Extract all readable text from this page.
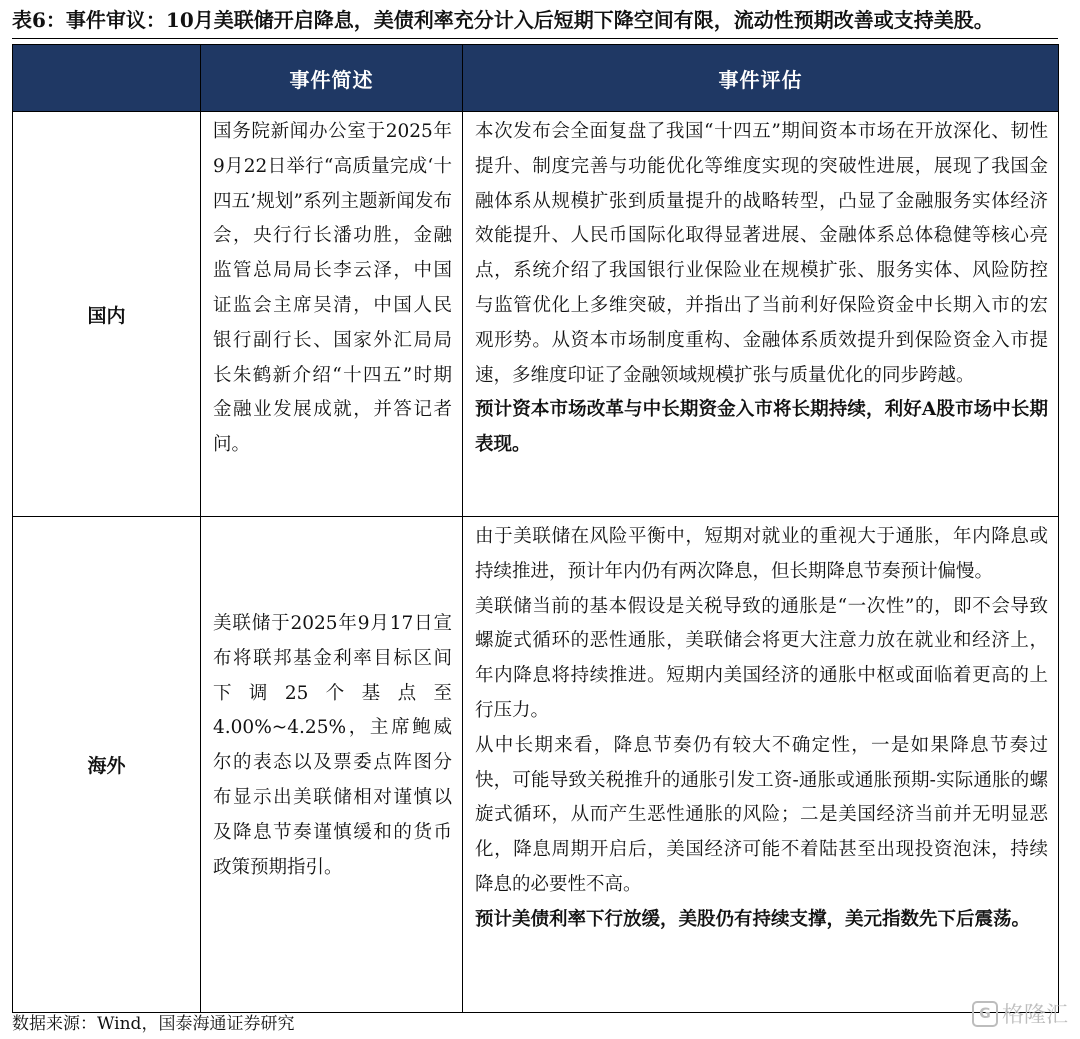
表6：事件审议：10月美联储开启降息，美债利率充分计入后短期下降空间有限，流动性预期改善或支持美股。
	事件简述	事件评估
国内	国务院新闻办公室于2025年9月22日举行“高质量完成‘十四五’规划”系列主题新闻发布会，央行行长潘功胜，金融监管总局局长李云泽，中国证监会主席吴清，中国人民银行副行长、国家外汇局局长朱鹤新介绍“十四五”时期金融业发展成就，并答记者问。	本次发布会全面复盘了我国“十四五”期间资本市场在开放深化、韧性提升、制度完善与功能优化等维度实现的突破性进展，展现了我国金融体系从规模扩张到质量提升的战略转型，凸显了金融服务实体经济效能提升、人民币国际化取得显著进展、金融体系总体稳健等核心亮点，系统介绍了我国银行业保险业在规模扩张、服务实体、风险防控与监管优化上多维突破，并指出了当前利好保险资金中长期入市的宏观形势。从资本市场制度重构、金融体系质效提升到保险资金入市提速，多维度印证了金融领域规模扩张与质量优化的同步跨越。

预计资本市场改革与中长期资金入市将长期持续，利好A股市场中长期表现。

海外	美联储于2025年9月17日宣布将联邦基金利率目标区间下调25个基点至4.00%~4.25%，主席鲍威尔的表态以及票委点阵图分布显示出美联储相对谨慎以及降息节奏谨慎缓和的货币政策预期指引。	由于美联储在风险平衡中，短期对就业的重视大于通胀，年内降息或持续推进，预计年内仍有两次降息，但长期降息节奏预计偏慢。

美联储当前的基本假设是关税导致的通胀是“一次性”的，即不会导致螺旋式循环的恶性通胀，美联储会将更大注意力放在就业和经济上，年内降息将持续推进。短期内美国经济的通胀中枢或面临着更高的上行压力。

从中长期来看，降息节奏仍有较大不确定性，一是如果降息节奏过快，可能导致关税推升的通胀引发工资-通胀或通胀预期-实际通胀的螺旋式循环，从而产生恶性通胀的风险；二是美国经济当前并无明显恶化，降息周期开启后，美国经济可能不着陆甚至出现投资泡沫，持续降息的必要性不高。

预计美债利率下行放缓，美股仍有持续支撑，美元指数先下后震荡。

数据来源：Wind，国泰海通证券研究
G 格隆汇
